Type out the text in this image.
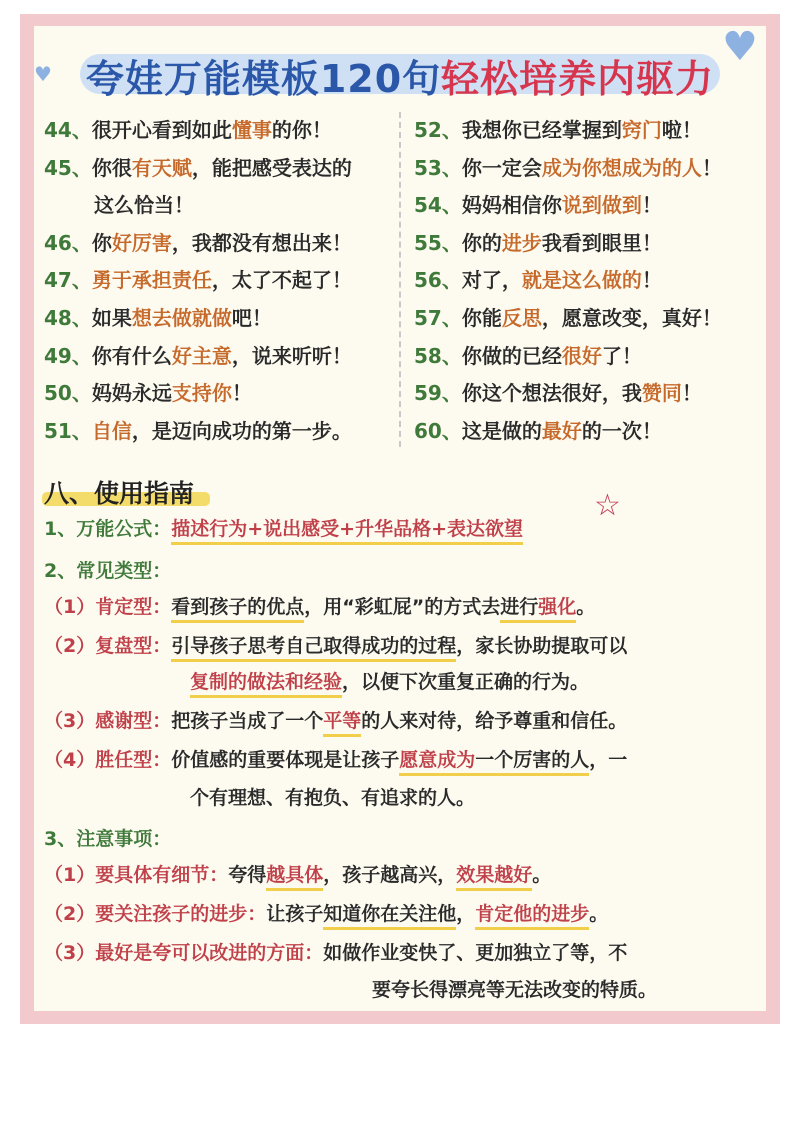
♥
♥
夸娃万能模板120句轻松培养内驱力
44、 很开心看到如此 懂事 的你！
45、 你很 有天赋 ，能把感受表达的
这么恰当！
46、 你 好厉害 ，我都没有想出来！
47、 勇于承担责任 ，太了不起了！
48、 如果 想去做就做 吧！
49、 你有什么 好主意 ，说来听听！
50、 妈妈永远 支持你 ！
51、 自信 ，是迈向成功的第一步。
52、 我想你已经掌握到 窍门 啦！
53、 你一定会 成为你想成为的人 ！
54、 妈妈相信你 说到做到 ！
55、 你的 进步 我看到眼里！
56、 对了， 就是这么做的 ！
57、 你能 反思 ，愿意改变，真好！
58、 你做的已经 很好 了！
59、 你这个想法很好，我 赞同 ！
60、 这是做的 最好 的一次！
八、使用指南	☆
1、万能公式：描述行为+说出感受+升华品格+表达欲望
2、常见类型：
（1）肯定型：看到孩子的优点，用“彩虹屁”的方式去进行强化。
（2）复盘型：引导孩子思考自己取得成功的过程，家长协助提取可以
复制的做法和经验，以便下次重复正确的行为。
（3）感谢型：把孩子当成了一个平等的人来对待，给予尊重和信任。
（4）胜任型：价值感的重要体现是让孩子愿意成为一个厉害的人，一
个有理想、有抱负、有追求的人。
3、注意事项：
（1）要具体有细节：夸得越具体，孩子越高兴，效果越好。
（2）要关注孩子的进步：让孩子知道你在关注他，肯定他的进步。
（3）最好是夸可以改进的方面：如做作业变快了、更加独立了等，不
要夸长得漂亮等无法改变的特质。
